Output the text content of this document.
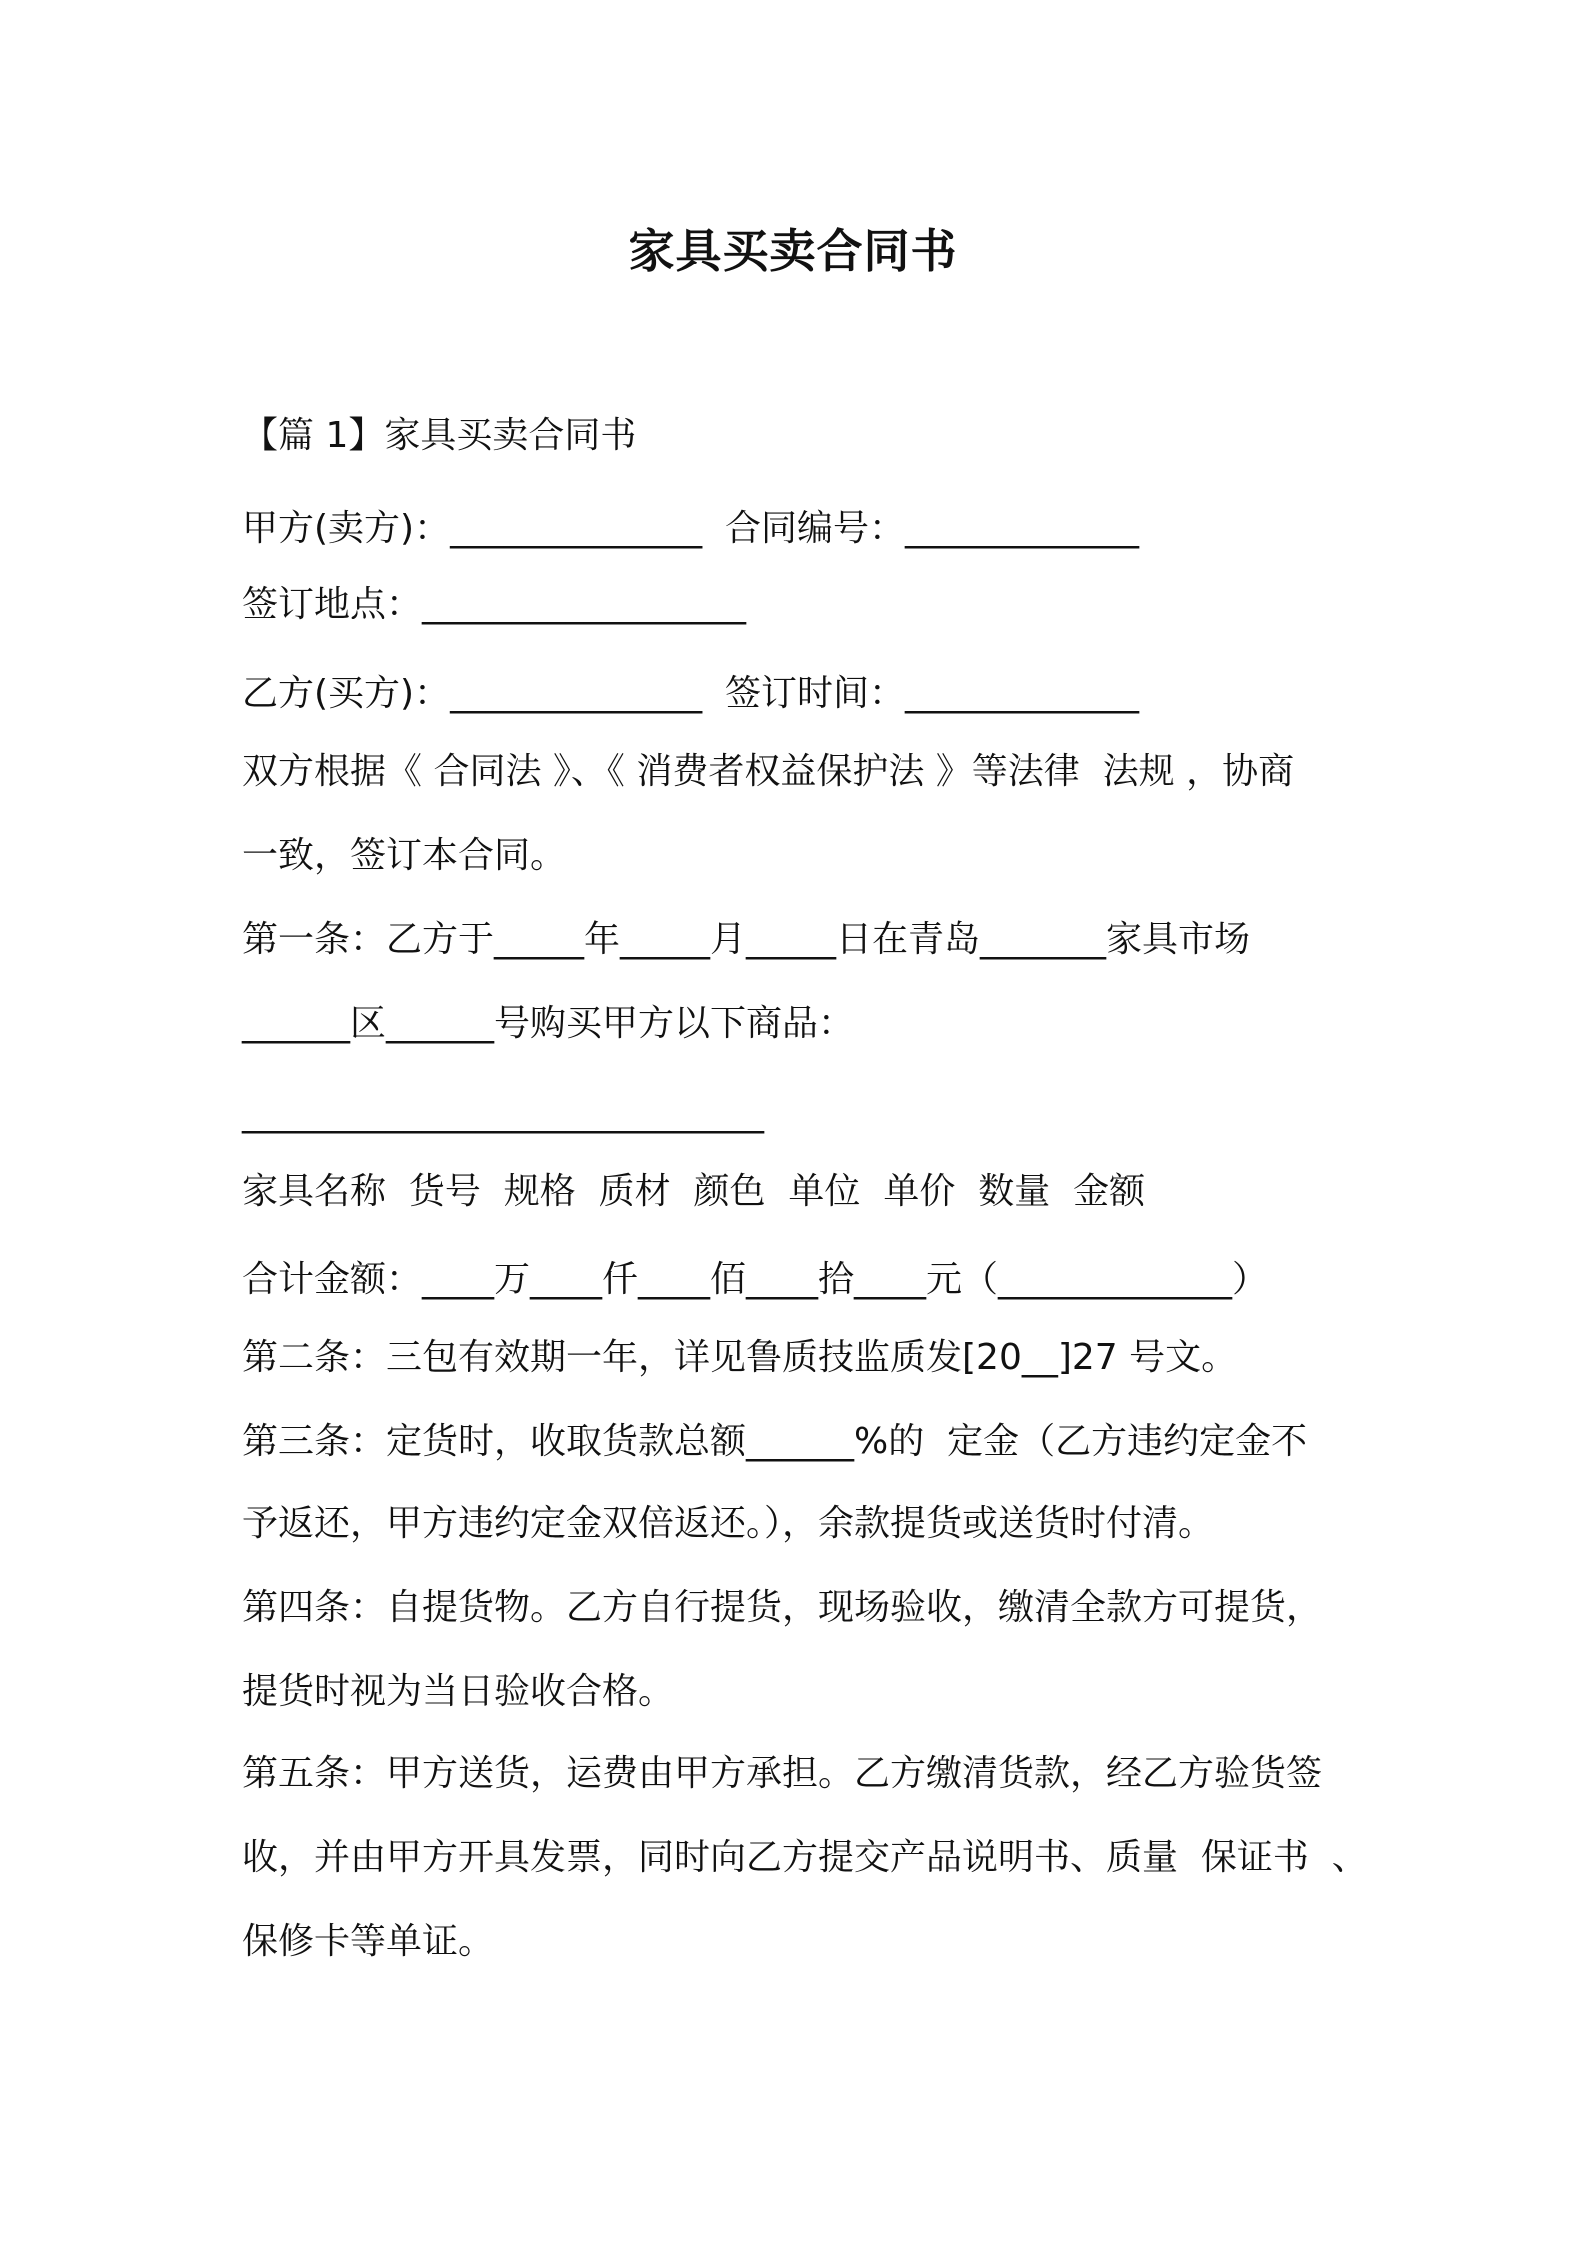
家具买卖合同书
【篇 1】家具买卖合同书
甲方(卖方)：______________  合同编号：_____________
签订地点：__________________
乙方(买方)：______________  签订时间：_____________
双方根据《 合同法 》、《 消费者权益保护法 》等法律  法规 ，协商
一致，签订本合同。
第一条：乙方于_____年_____月_____日在青岛_______家具市场
______区______号购买甲方以下商品：
_____________________________
家具名称  货号  规格  质材  颜色  单位  单价  数量  金额
合计金额：____万____仟____佰____拾____元（_____________）
第二条：三包有效期一年，详见鲁质技监质发[20__]27 号文。
第三条：定货时，收取货款总额______%的  定金（乙方违约定金不
予返还，甲方违约定金双倍返还。），余款提货或送货时付清。
第四条：自提货物。乙方自行提货，现场验收，缴清全款方可提货，
提货时视为当日验收合格。
第五条：甲方送货，运费由甲方承担。乙方缴清货款，经乙方验货签
收，并由甲方开具发票，同时向乙方提交产品说明书、质量  保证书  、
保修卡等单证。
